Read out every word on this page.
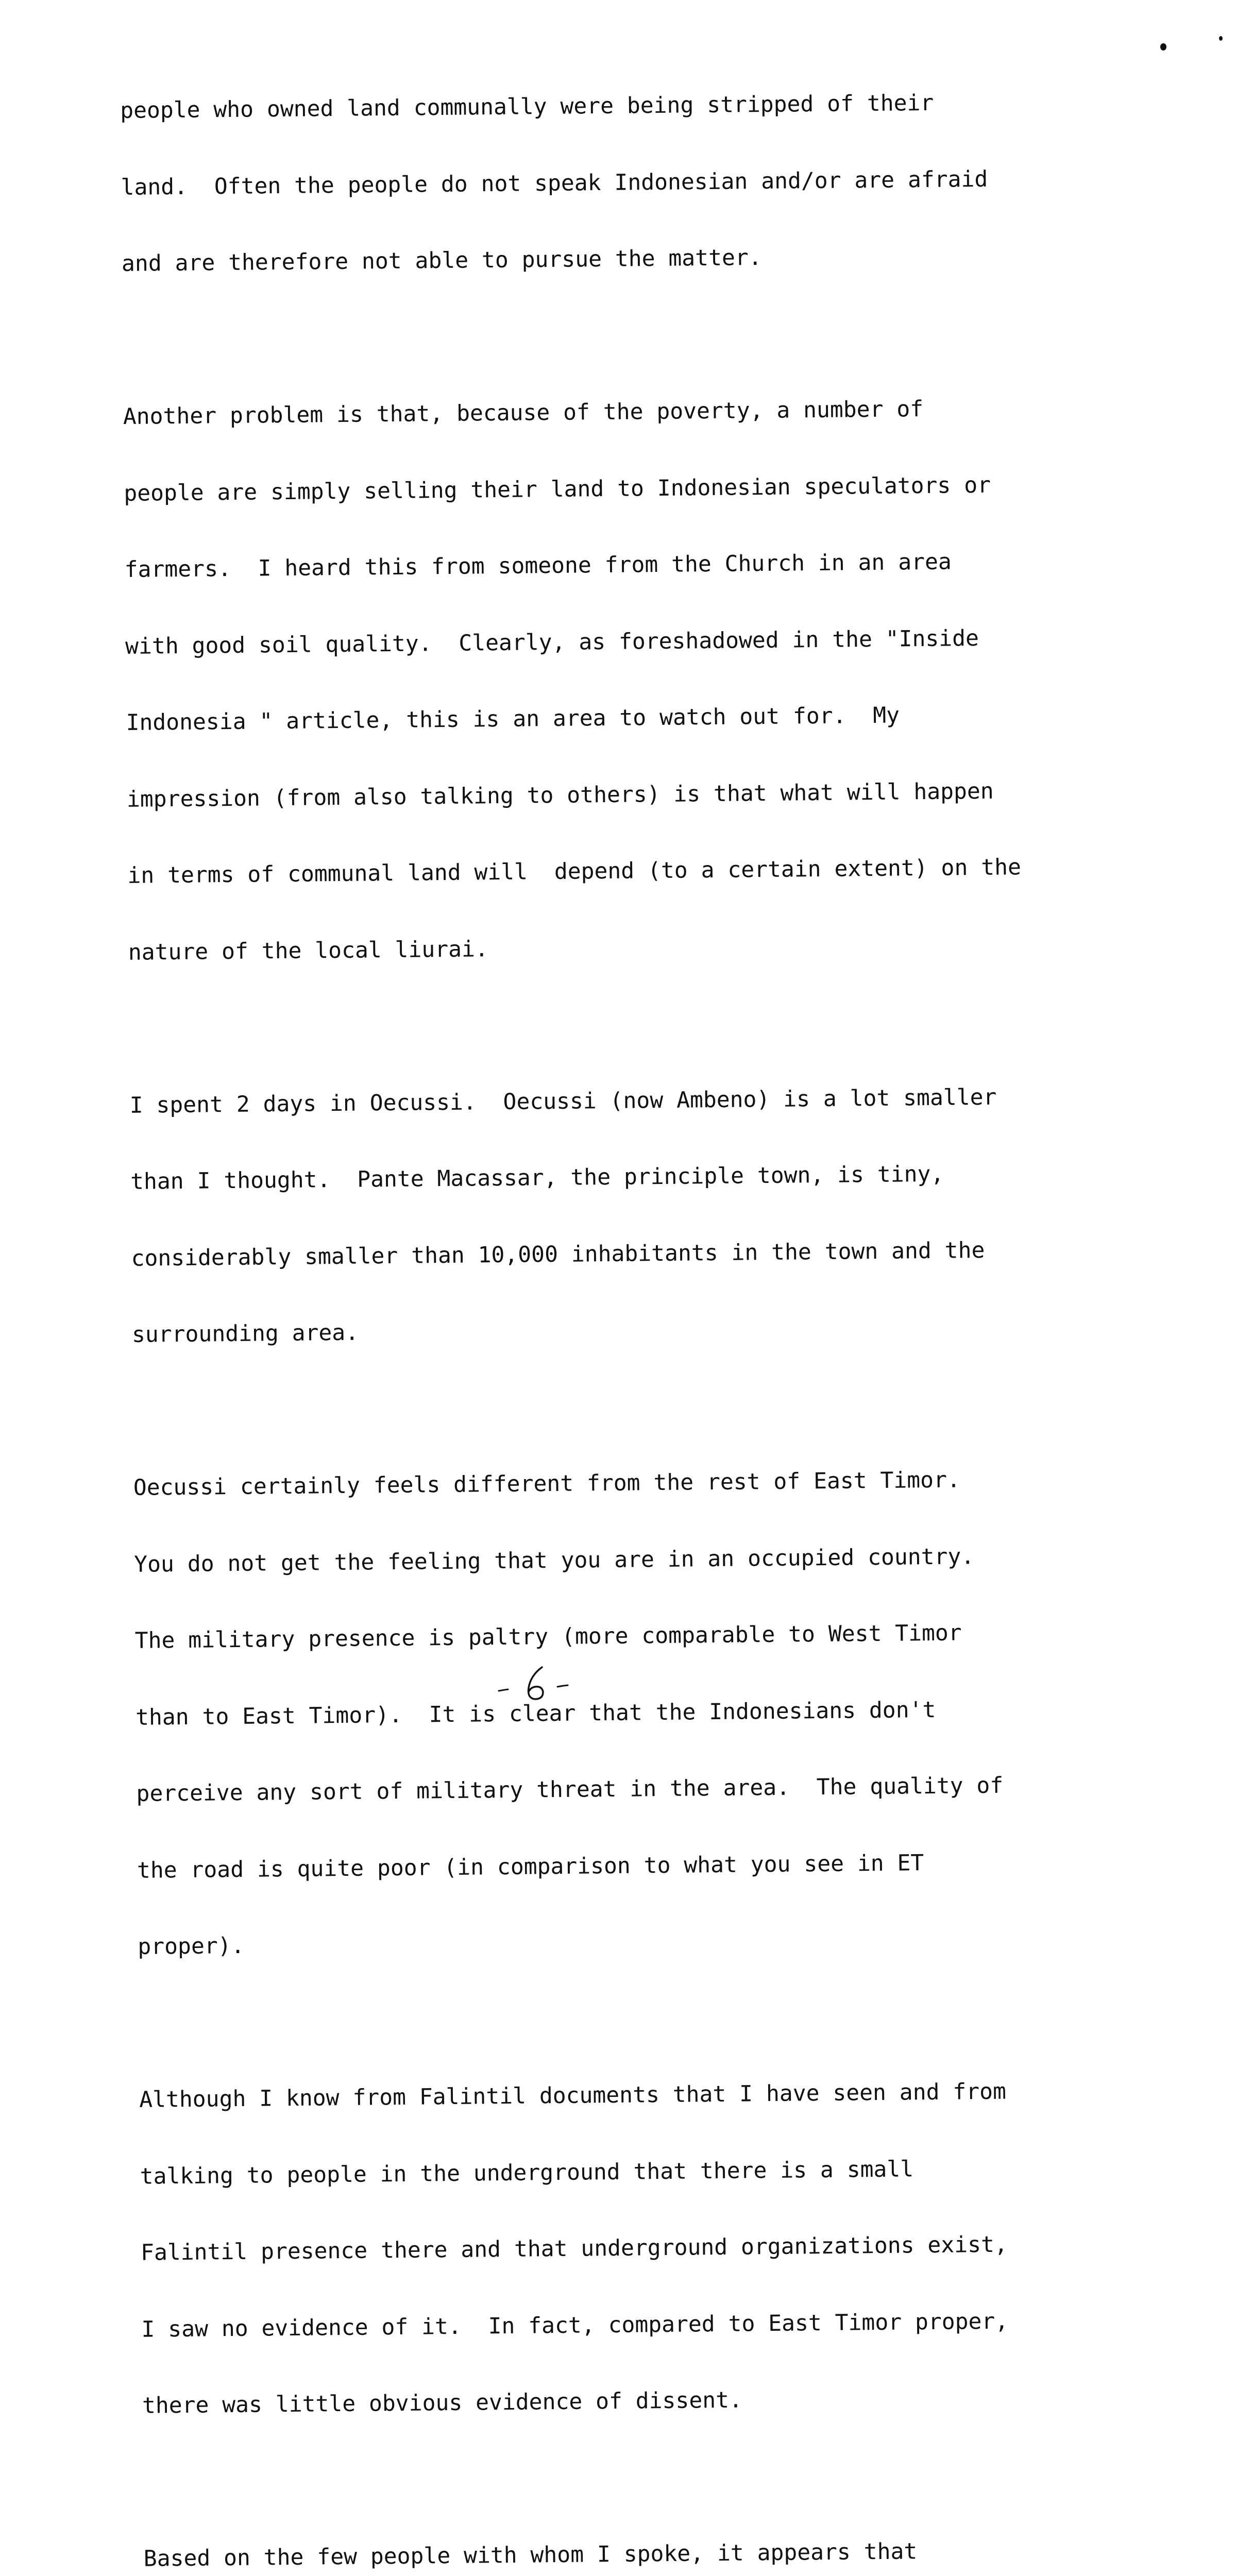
people who owned land communally were being stripped of their

land.  Often the people do not speak Indonesian and/or are afraid

and are therefore not able to pursue the matter.

Another problem is that, because of the poverty, a number of

people are simply selling their land to Indonesian speculators or

farmers.  I heard this from someone from the Church in an area

with good soil quality.  Clearly, as foreshadowed in the "Inside

Indonesia " article, this is an area to watch out for.  My

impression (from also talking to others) is that what will happen

in terms of communal land will  depend (to a certain extent) on the

nature of the local liurai.

I spent 2 days in Oecussi.  Oecussi (now Ambeno) is a lot smaller

than I thought.  Pante Macassar, the principle town, is tiny,

considerably smaller than 10,000 inhabitants in the town and the

surrounding area.

Oecussi certainly feels different from the rest of East Timor.

You do not get the feeling that you are in an occupied country.

The military presence is paltry (more comparable to West Timor

than to East Timor).  It is clear that the Indonesians don't

perceive any sort of military threat in the area.  The quality of

the road is quite poor (in comparison to what you see in ET

proper).

Although I know from Falintil documents that I have seen and from

talking to people in the underground that there is a small

Falintil presence there and that underground organizations exist,

I saw no evidence of it.  In fact, compared to East Timor proper,

there was little obvious evidence of dissent.

Based on the few people with whom I spoke, it appears that
